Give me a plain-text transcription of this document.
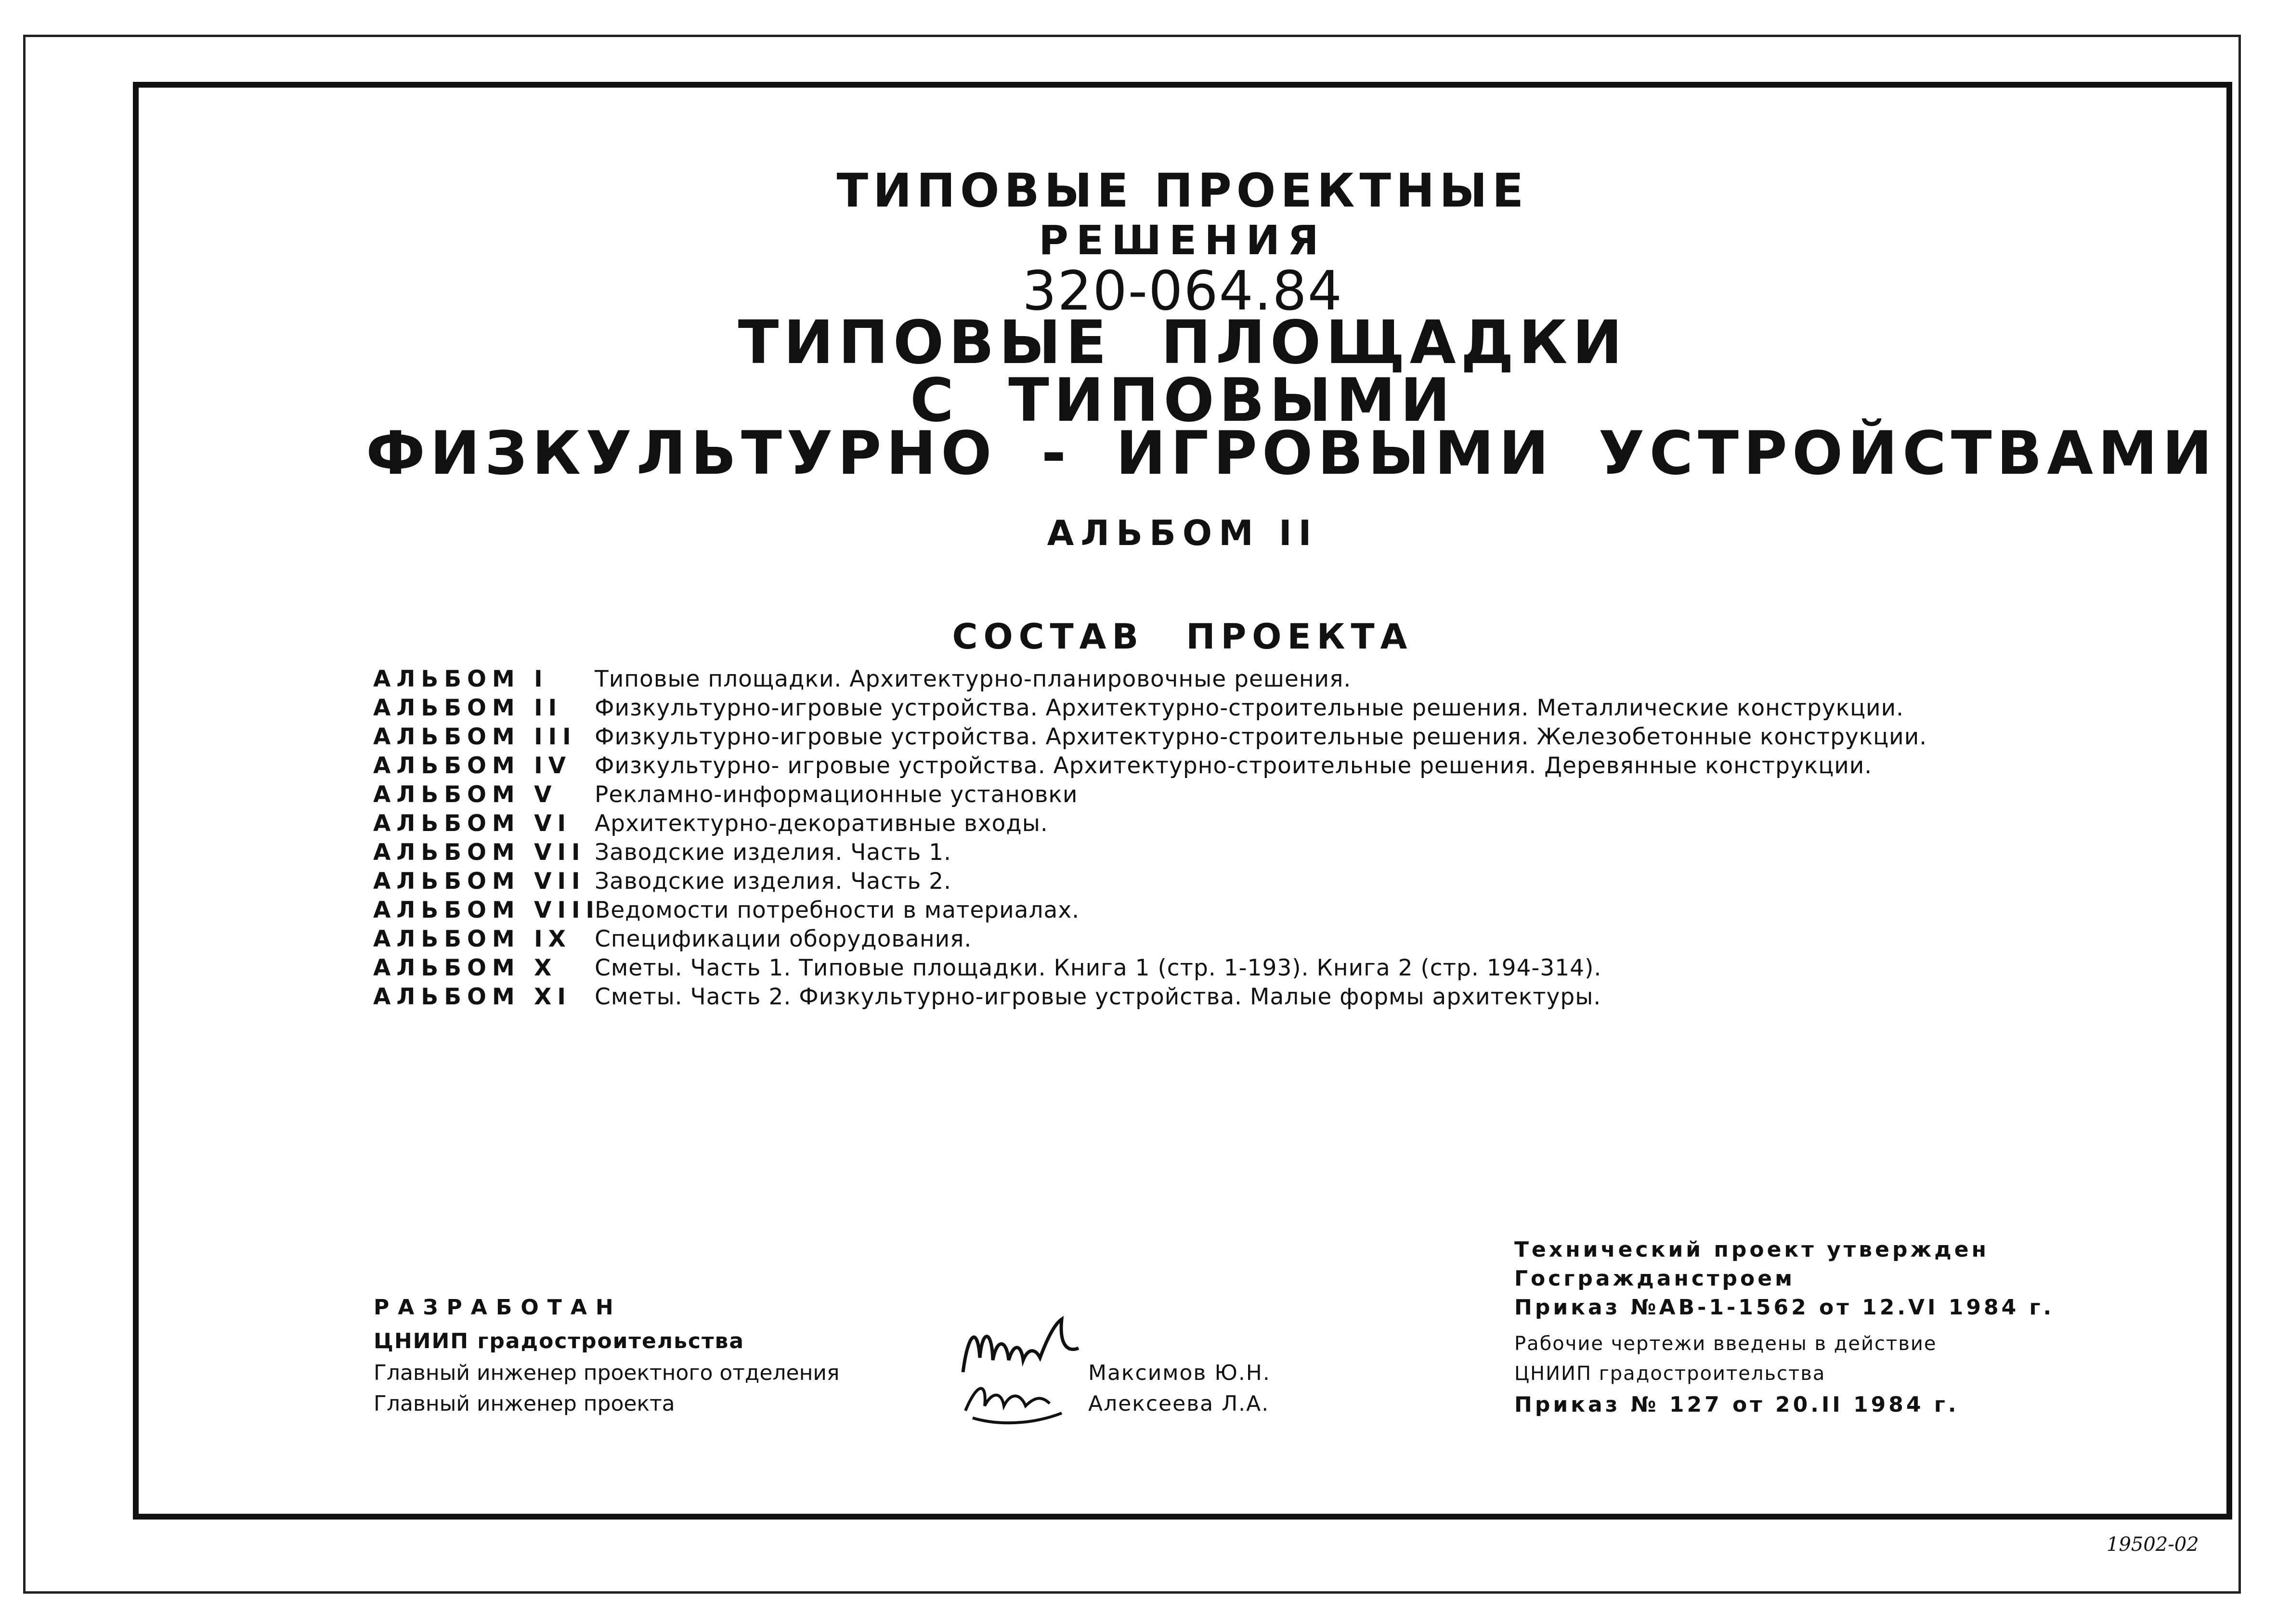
ТИПОВЫЕ ПРОЕКТНЫЕ
РЕШЕНИЯ
320-064.84
ТИПОВЫЕ ПЛОЩАДКИ
С ТИПОВЫМИ
ФИЗКУЛЬТУРНО - ИГРОВЫМИ УСТРОЙСТВАМИ
АЛЬБОМ II
СОСТАВ ПРОЕКТА
АЛЬБОМ I Типовые площадки. Архитектурно-планировочные решения.
АЛЬБОМ II Физкультурно-игровые устройства. Архитектурно-строительные решения. Металлические конструкции.
АЛЬБОМ III Физкультурно-игровые устройства. Архитектурно-строительные решения. Железобетонные конструкции.
АЛЬБОМ IV Физкультурно- игровые устройства. Архитектурно-строительные решения. Деревянные конструкции.
АЛЬБОМ V Рекламно-информационные установки
АЛЬБОМ VI Архитектурно-декоративные входы.
АЛЬБОМ VII Заводские изделия. Часть 1.
АЛЬБОМ VII Заводские изделия. Часть 2.
АЛЬБОМ VIII
Ведомости потребности в материалах.
АЛЬБОМ IX Спецификации оборудования.
АЛЬБОМ X Сметы. Часть 1. Типовые площадки. Книга 1 (стр. 1-193). Книга 2 (стр. 194-314).
АЛЬБОМ XI Сметы. Часть 2. Физкультурно-игровые устройства. Малые формы архитектуры.
РАЗРАБОТАН
ЦНИИП градостроительства
Главный инженер проектного отделения
Главный инженер проекта
Максимов Ю.Н.
Алексеева Л.А.
Технический проект утвержден
Госгражданстроем
Приказ №АВ-1-1562 от 12.VI 1984 г.
Рабочие чертежи введены в действие
ЦНИИП градостроительства
Приказ № 127 от 20.II 1984 г.
19502-02
